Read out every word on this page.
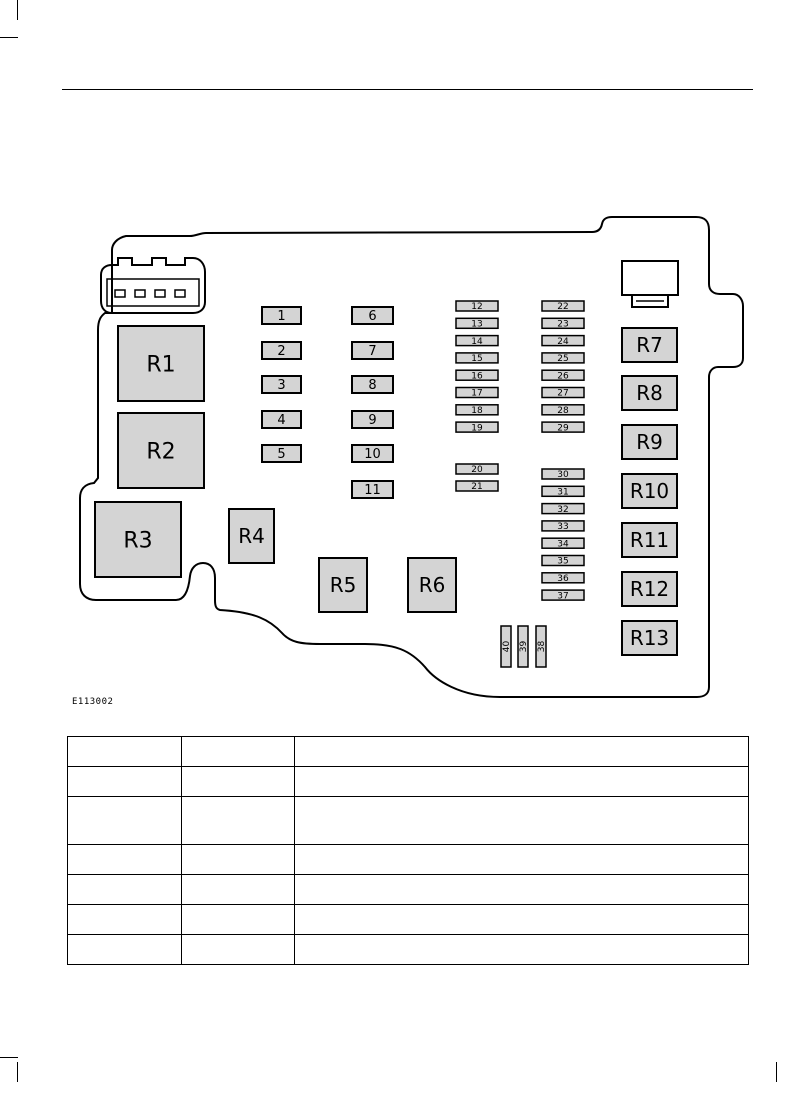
R1
R2
R3	R4
R5	R6
R7
R8
R9
R10
R11
R12
R13
1
2
3
4
5
6
7
8
9
10
11
12
13
14
15
16
17
18
19
20
21
22
23
24
25
26
27
28
29
30
31
32
33
34
35
36
37
38
39
40
E113002
